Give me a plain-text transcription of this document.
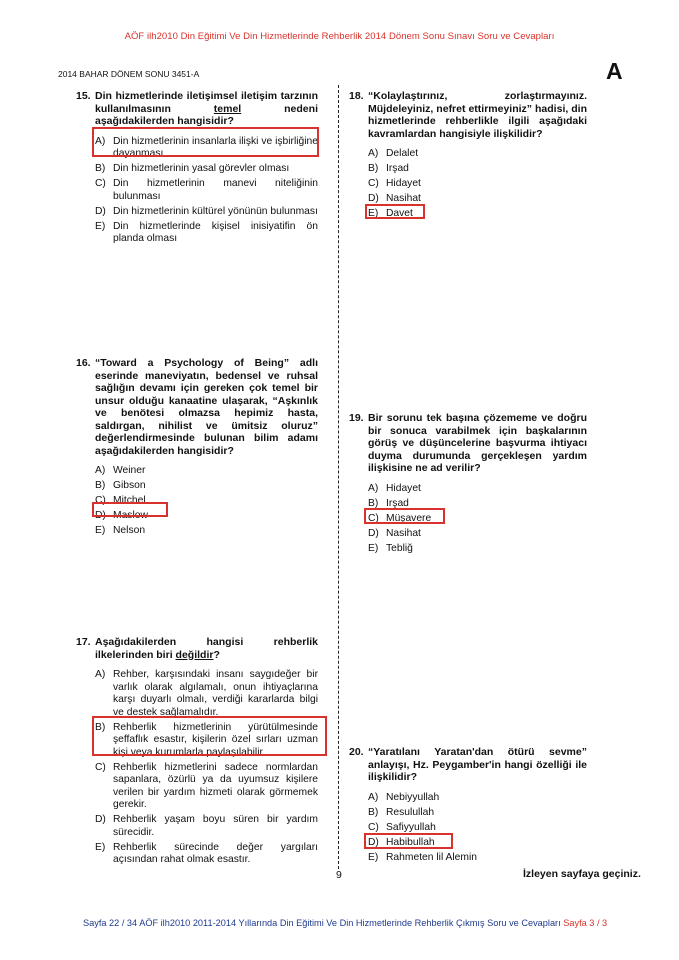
AÖF ilh2010 Din Eğitimi Ve Din Hizmetlerinde Rehberlik 2014 Dönem Sonu Sınavı Soru ve Cevapları
2014 BAHAR DÖNEM SONU 3451-A	A
15. Din hizmetlerinde iletişimsel iletişim tarzının kullanılmasının temel nedeni aşağıdakilerden hangisidir?
A) Din hizmetlerinin insanlarla ilişki ve işbirliğine dayanması
B) Din hizmetlerinin yasal görevler olması
C) Din hizmetlerinin manevi niteliğinin bulunması
D) Din hizmetlerinin kültürel yönünün bulunması
E) Din hizmetlerinde kişisel inisiyatifin ön planda olması
16. “Toward a Psychology of Being” adlı eserinde maneviyatın, bedensel ve ruhsal sağlığın devamı için gereken çok temel bir unsur olduğu kanaatine ulaşarak, “Aşkınlık ve benötesi olmazsa hepimiz hasta, saldırgan, nihilist ve ümitsiz oluruz” değerlendirmesinde bulunan bilim adamı aşağıdakilerden hangisidir?
A) Weiner
B) Gibson
C) Mitchel
D) Maslow
E) Nelson
17. Aşağıdakilerden hangisi rehberlik ilkelerinden biri değildir?
A) Rehber, karşısındaki insanı saygıdeğer bir varlık olarak algılamalı, onun ihtiyaçlarına karşı duyarlı olmalı, verdiği kararlarda bilgi ve destek sağlamalıdır.
B) Rehberlik hizmetlerinin yürütülmesinde şeffaflık esastır, kişilerin özel sırları uzman kişi veya kurumlarla paylaşılabilir.
C) Rehberlik hizmetlerini sadece normlardan sapanlara, özürlü ya da uyumsuz kişilere verilen bir yardım hizmeti olarak görmemek gerekir.
D) Rehberlik yaşam boyu süren bir yardım sürecidir.
E) Rehberlik sürecinde değer yargıları açısından rahat olmak esastır.
18. “Kolaylaştırınız, zorlaştırmayınız. Müjdeleyiniz, nefret ettirmeyiniz” hadisi, din hizmetlerinde rehberlikle ilgili aşağıdaki kavramlardan hangisiyle ilişkilidir?
A) Delalet
B) Irşad
C) Hidayet
D) Nasihat
E) Davet
19. Bir sorunu tek başına çözememe ve doğru bir sonuca varabilmek için başkalarının görüş ve düşüncelerine başvurma ihtiyacı duyma durumunda gerçekleşen yardım ilişkisine ne ad verilir?
A) Hidayet
B) Irşad
C) Müşavere
D) Nasihat
E) Tebliğ
20. “Yaratılanı Yaratan'dan ötürü sevme” anlayışı, Hz. Peygamber'in hangi özelliği ile ilişkilidir?
A) Nebiyyullah
B) Resulullah
C) Safiyyullah
D) Habibullah
E) Rahmeten lil Alemin
9	İzleyen sayfaya geçiniz.
Sayfa 22 / 34 AÖF ilh2010 2011-2014 Yıllarında Din Eğitimi Ve Din Hizmetlerinde Rehberlik Çıkmış Soru ve Cevapları Sayfa 3 / 3
